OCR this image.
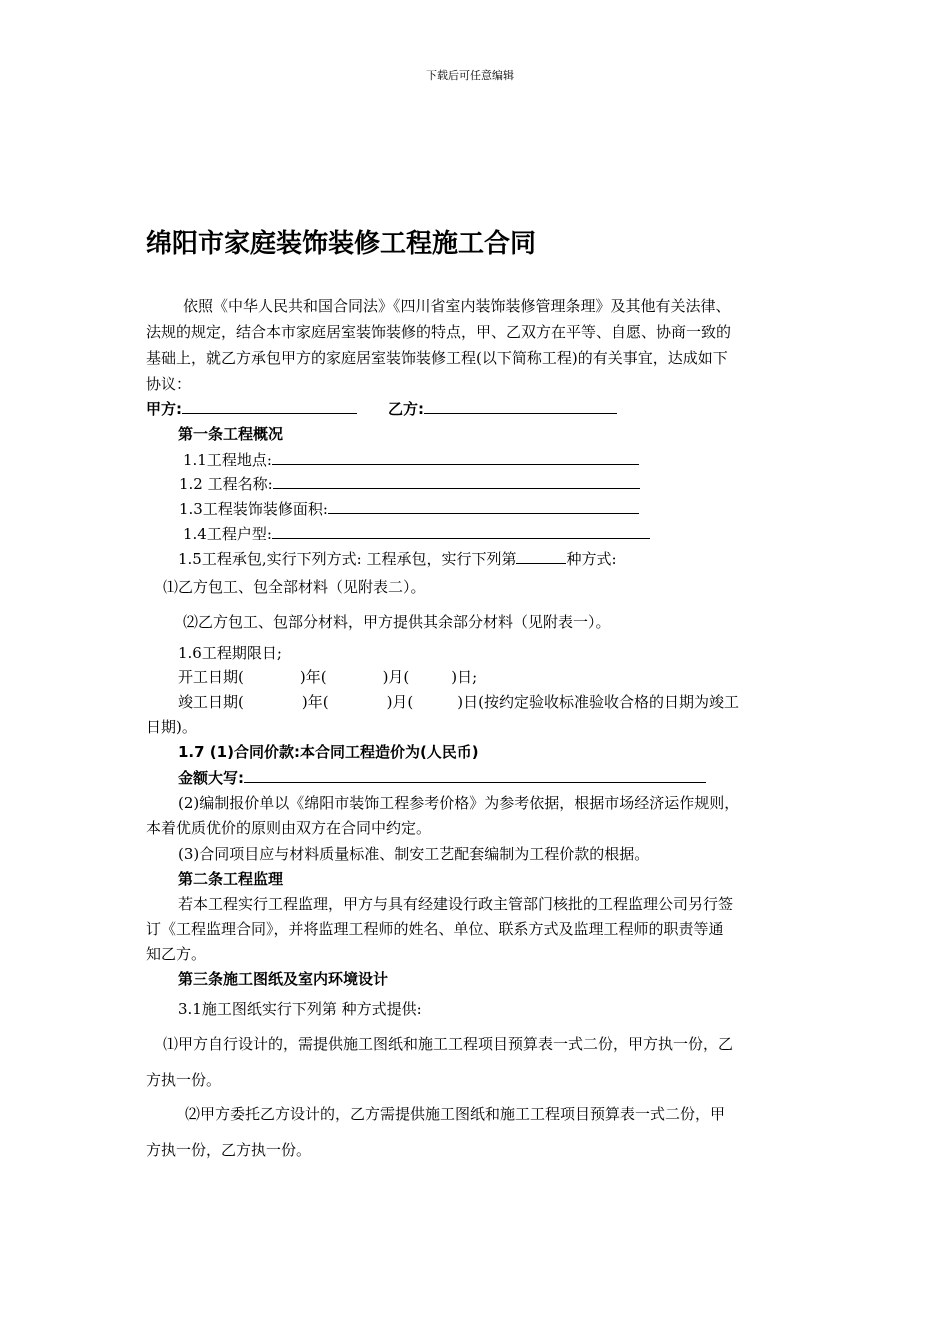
下载后可任意编辑
绵阳市家庭装饰装修工程施工合同
依照《中华人民共和国合同法》《四川省室内装饰装修管理条理》及其他有关法律、
法规的规定，结合本市家庭居室装饰装修的特点，甲、乙双方在平等、自愿、协商一致的
基础上，就乙方承包甲方的家庭居室装饰装修工程(以下简称工程)的有关事宜，达成如下
协议：
甲方:	乙方:
第一条工程概况
1.1工程地点:
1.2 工程名称:
1.3工程装饰装修面积:
1.4工程户型:
1.5工程承包,实行下列方式: 工程承包，实行下列第	种方式:
⑴乙方包工、包全部材料（见附表二）。
⑵乙方包工、包部分材料，甲方提供其余部分材料（见附表一）。
1.6工程期限日;
开工日期(	)年(	)月(	)日;
竣工日期(	)年(	)月(	)日(按约定验收标准验收合格的日期为竣工
日期)。
1.7 (1)合同价款:本合同工程造价为(人民币)
金额大写:
(2)编制报价单以《绵阳市装饰工程参考价格》为参考依据，根据市场经济运作规则，
本着优质优价的原则由双方在合同中约定。
(3)合同项目应与材料质量标准、制安工艺配套编制为工程价款的根据。
第二条工程监理
若本工程实行工程监理，甲方与具有经建设行政主管部门核批的工程监理公司另行签
订《工程监理合同》，并将监理工程师的姓名、单位、联系方式及监理工程师的职责等通
知乙方。
第三条施工图纸及室内环境设计
3.1施工图纸实行下列第 种方式提供:
⑴甲方自行设计的，需提供施工图纸和施工工程项目预算表一式二份，甲方执一份，乙
方执一份。
⑵甲方委托乙方设计的，乙方需提供施工图纸和施工工程项目预算表一式二份，甲
方执一份，乙方执一份。
